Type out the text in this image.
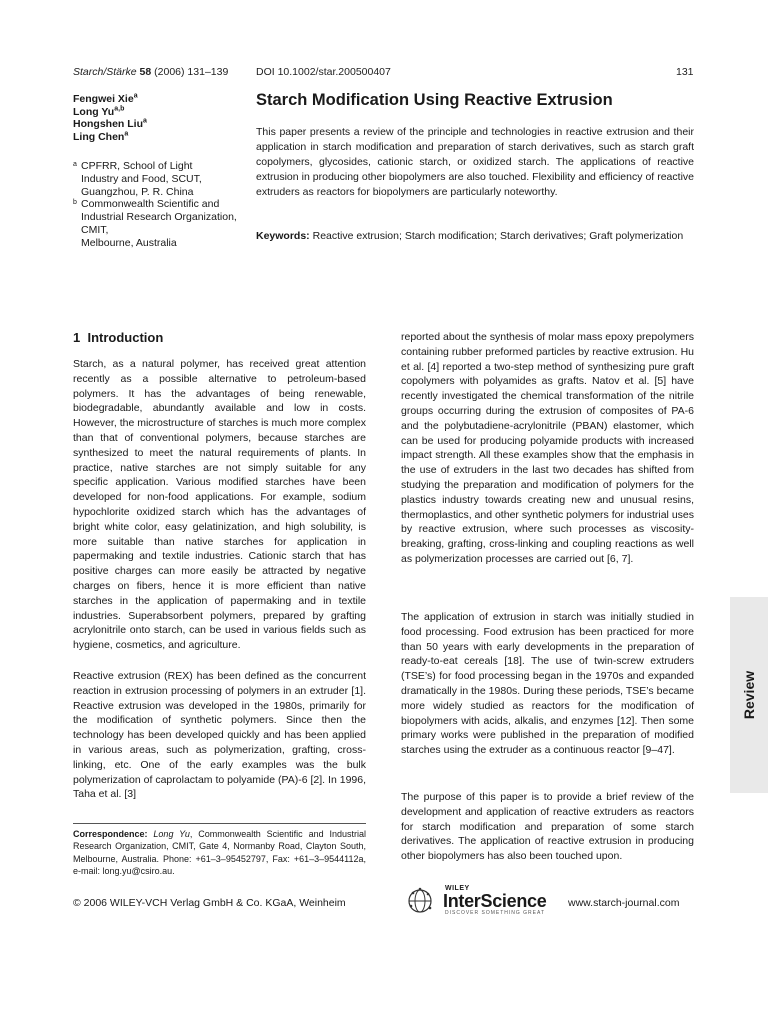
Starch/Stärke 58 (2006) 131–139	DOI 10.1002/star.200500407	131
Fengwei Xie$^a$
Long Yu$^{a,b}$
Hongshen Liu$^a$
Ling Chen$^a$
a CPFRR, School of Light
Industry and Food, SCUT,
Guangzhou, P. R. China
b Commonwealth Scientific and
Industrial Research Organization,
CMIT,
Melbourne, Australia
Starch Modification Using Reactive Extrusion
This paper presents a review of the principle and technologies in reactive extrusion and their application in starch modification and preparation of starch derivatives, such as starch graft copolymers, glycosides, cationic starch, or oxidized starch. The applications of reactive extrusion in producing other biopolymers are also touched. Flexibility and efficiency of reactive extruders as reactors for biopolymers are particularly noteworthy.
Keywords: Reactive extrusion; Starch modification; Starch derivatives; Graft polymerization
1 Introduction
Starch, as a natural polymer, has received great attention recently as a possible alternative to petroleum-based polymers. It has the advantages of being renewable, biodegradable, abundantly available and low in costs. However, the microstructure of starches is much more complex than that of conventional polymers, because starches are synthesized to meet the natural requirements of plants. In practice, native starches are not simply suitable for any specific application. Various modified starches have been developed for non-food applications. For example, sodium hypochlorite oxidized starch which has the advantages of bright white color, easy gelatinization, and high solubility, is more suitable than native starches for application in papermaking and textile industries. Cationic starch that has positive charges can more easily be attracted by negative charges on fibers, hence it is more efficient than native starches in the application of papermaking and in textile industries. Superabsorbent polymers, prepared by grafting acrylonitrile onto starch, can be used in various fields such as hygiene, cosmetics, and agriculture.
Reactive extrusion (REX) has been defined as the concurrent reaction in extrusion processing of polymers in an extruder [1]. Reactive extrusion was developed in the 1980s, primarily for the modification of synthetic polymers. Since then the technology has been developed quickly and has been applied in various areas, such as polymerization, grafting, cross-linking, etc. One of the early examples was the bulk polymerization of caprolactam to polyamide (PA)-6 [2]. In 1996, Taha et al. [3]
Correspondence: Long Yu, Commonwealth Scientific and Industrial Research Organization, CMIT, Gate 4, Normanby Road, Clayton South, Melbourne, Australia. Phone: +61–3–95452797, Fax: +61–3–9544112a, e-mail: long.yu@csiro.au.
reported about the synthesis of molar mass epoxy prepolymers containing rubber preformed particles by reactive extrusion. Hu et al. [4] reported a two-step method of synthesizing pure graft copolymers with polyamides as grafts. Natov et al. [5] have recently investigated the chemical transformation of the nitrile groups occurring during the extrusion of composites of PA-6 and the polybutadiene-acrylonitrile (PBAN) elastomer, which can be used for producing polyamide products with increased impact strength. All these examples show that the emphasis in the use of extruders in the last two decades has shifted from studying the preparation and modification of polymers for the plastics industry towards creating new and unusual resins, thermoplastics, and other synthetic polymers for industrial uses by reactive extrusion, where such processes as viscosity-breaking, grafting, cross-linking and coupling reactions as well as polymerization processes are carried out [6, 7].
The application of extrusion in starch was initially studied in food processing. Food extrusion has been practiced for more than 50 years with early developments in the preparation of ready-to-eat cereals [18]. The use of twin-screw extruders (TSE’s) for food processing began in the 1970s and expanded dramatically in the 1980s. During these periods, TSE’s became more widely studied as reactors for the modification of biopolymers with acids, alkalis, and enzymes [12]. Then some primary works were published in the preparation of modified starches using the extruder as a continuous reactor [9–47].
The purpose of this paper is to provide a brief review of the development and application of reactive extruders as reactors for starch modification and preparation of some starch derivatives. The application of reactive extrusion in producing other biopolymers has also been touched upon.
© 2006 WILEY-VCH Verlag GmbH & Co. KGaA, Weinheim
WILEY
InterScience
DISCOVER SOMETHING GREAT
www.starch-journal.com
Review
